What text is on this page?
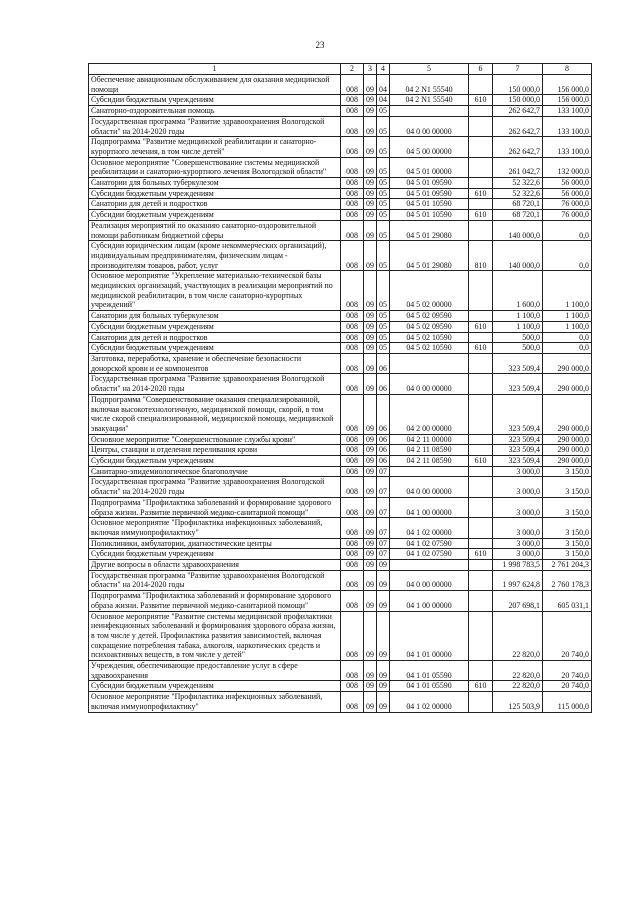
23
1	2	3	4	5	6	7	8
Обеспечение авиационным обслуживанием для оказания медицинской помощи	008	09	04	04 2 N1 55540		150 000,0	156 000,0
Субсидии бюджетным учреждениям	008	09	04	04 2 N1 55540	610	150 000,0	156 000,0
Санаторно-оздоровительная помощь	008	09	05			262 642,7	133 100,0
Государственная программа "Развитие здравоохранения Вологодской области" на 2014-2020 годы	008	09	05	04 0 00 00000		262 642,7	133 100,0
Подпрограмма "Развитие медицинской реабилитации и санаторно-курортного лечения, в том числе детей"	008	09	05	04 5 00 00000		262 642,7	133 100,0
Основное мероприятие "Совершенствование системы медицинской реабилитации и санаторно-курортного лечения Вологодской области"	008	09	05	04 5 01 00000		261 042,7	132 000,0
Санатории для больных туберкулезом	008	09	05	04 5 01 09590		52 322,6	56 000,0
Субсидии бюджетным учреждениям	008	09	05	04 5 01 09590	610	52 322,6	56 000,0
Санатории для детей и подростков	008	09	05	04 5 01 10590		68 720,1	76 000,0
Субсидии бюджетным учреждениям	008	09	05	04 5 01 10590	610	68 720,1	76 000,0
Реализация мероприятий по оказанию санаторно-оздоровительной помощи работникам бюджетной сферы	008	09	05	04 5 01 29080		140 000,0	0,0
Субсидии юридическим лицам (кроме некоммерческих организаций), индивидуальным предпринимателям, физическим лицам - производителям товаров, работ, услуг	008	09	05	04 5 01 29080	810	140 000,0	0,0
Основное мероприятие "Укрепление материально-технической базы медицинских организаций, участвующих в реализации мероприятий по медицинской реабилитации, в том числе санаторно-курортных учреждений"	008	09	05	04 5 02 00000		1 600,0	1 100,0
Санатории для больных туберкулезом	008	09	05	04 5 02 09590		1 100,0	1 100,0
Субсидии бюджетным учреждениям	008	09	05	04 5 02 09590	610	1 100,0	1 100,0
Санатории для детей и подростков	008	09	05	04 5 02 10590		500,0	0,0
Субсидии бюджетным учреждениям	008	09	05	04 5 02 10590	610	500,0	0,0
Заготовка, переработка, хранение и обеспечение безопасности донорской крови и ее компонентов	008	09	06			323 509,4	290 000,0
Государственная программа "Развитие здравоохранения Вологодской области" на 2014-2020 годы	008	09	06	04 0 00 00000		323 509,4	290 000,0
Подпрограмма "Совершенствование оказания специализированной, включая высокотехнологичную, медицинской помощи, скорой, в том числе скорой специализированной, медицинской помощи, медицинской эвакуации"	008	09	06	04 2 00 00000		323 509,4	290 000,0
Основное мероприятие "Совершенствование службы крови"	008	09	06	04 2 11 00000		323 509,4	290 000,0
Центры, станции и отделения переливания крови	008	09	06	04 2 11 08590		323 509,4	290 000,0
Субсидии бюджетным учреждениям	008	09	06	04 2 11 08590	610	323 509,4	290 000,0
Санитарно-эпидемиологическое благополучие	008	09	07			3 000,0	3 150,0
Государственная программа "Развитие здравоохранения Вологодской области" на 2014-2020 годы	008	09	07	04 0 00 00000		3 000,0	3 150,0
Подпрограмма "Профилактика заболеваний и формирование здорового образа жизни. Развитие первичной медико-санитарной помощи"	008	09	07	04 1 00 00000		3 000,0	3 150,0
Основное мероприятие "Профилактика инфекционных заболеваний, включая иммунопрофилактику"	008	09	07	04 1 02 00000		3 000,0	3 150,0
Поликлиники, амбулатории, диагностические центры	008	09	07	04 1 02 07590		3 000,0	3 150,0
Субсидии бюджетным учреждениям	008	09	07	04 1 02 07590	610	3 000,0	3 150,0
Другие вопросы в области здравоохранения	008	09	09			1 998 783,5	2 761 204,3
Государственная программа "Развитие здравоохранения Вологодской области" на 2014-2020 годы	008	09	09	04 0 00 00000		1 997 624,8	2 760 178,3
Подпрограмма "Профилактика заболеваний и формирование здорового образа жизни. Развитие первичной медико-санитарной помощи"	008	09	09	04 1 00 00000		207 698,1	605 031,1
Основное мероприятие "Развитие системы медицинской профилактики неинфекционных заболеваний и формирования здорового образа жизни, в том числе у детей. Профилактика развития зависимостей, включая сокращение потребления табака, алкоголя, наркотических средств и психоактивных веществ, в том числе у детей"	008	09	09	04 1 01 00000		22 820,0	20 740,0
Учреждения, обеспечивающие предоставление услуг в сфере здравоохранения	008	09	09	04 1 01 05590		22 820,0	20 740,0
Субсидии бюджетным учреждениям	008	09	09	04 1 01 05590	610	22 820,0	20 740,0
Основное мероприятие "Профилактика инфекционных заболеваний, включая иммунопрофилактику"	008	09	09	04 1 02 00000		125 503,9	115 000,0
